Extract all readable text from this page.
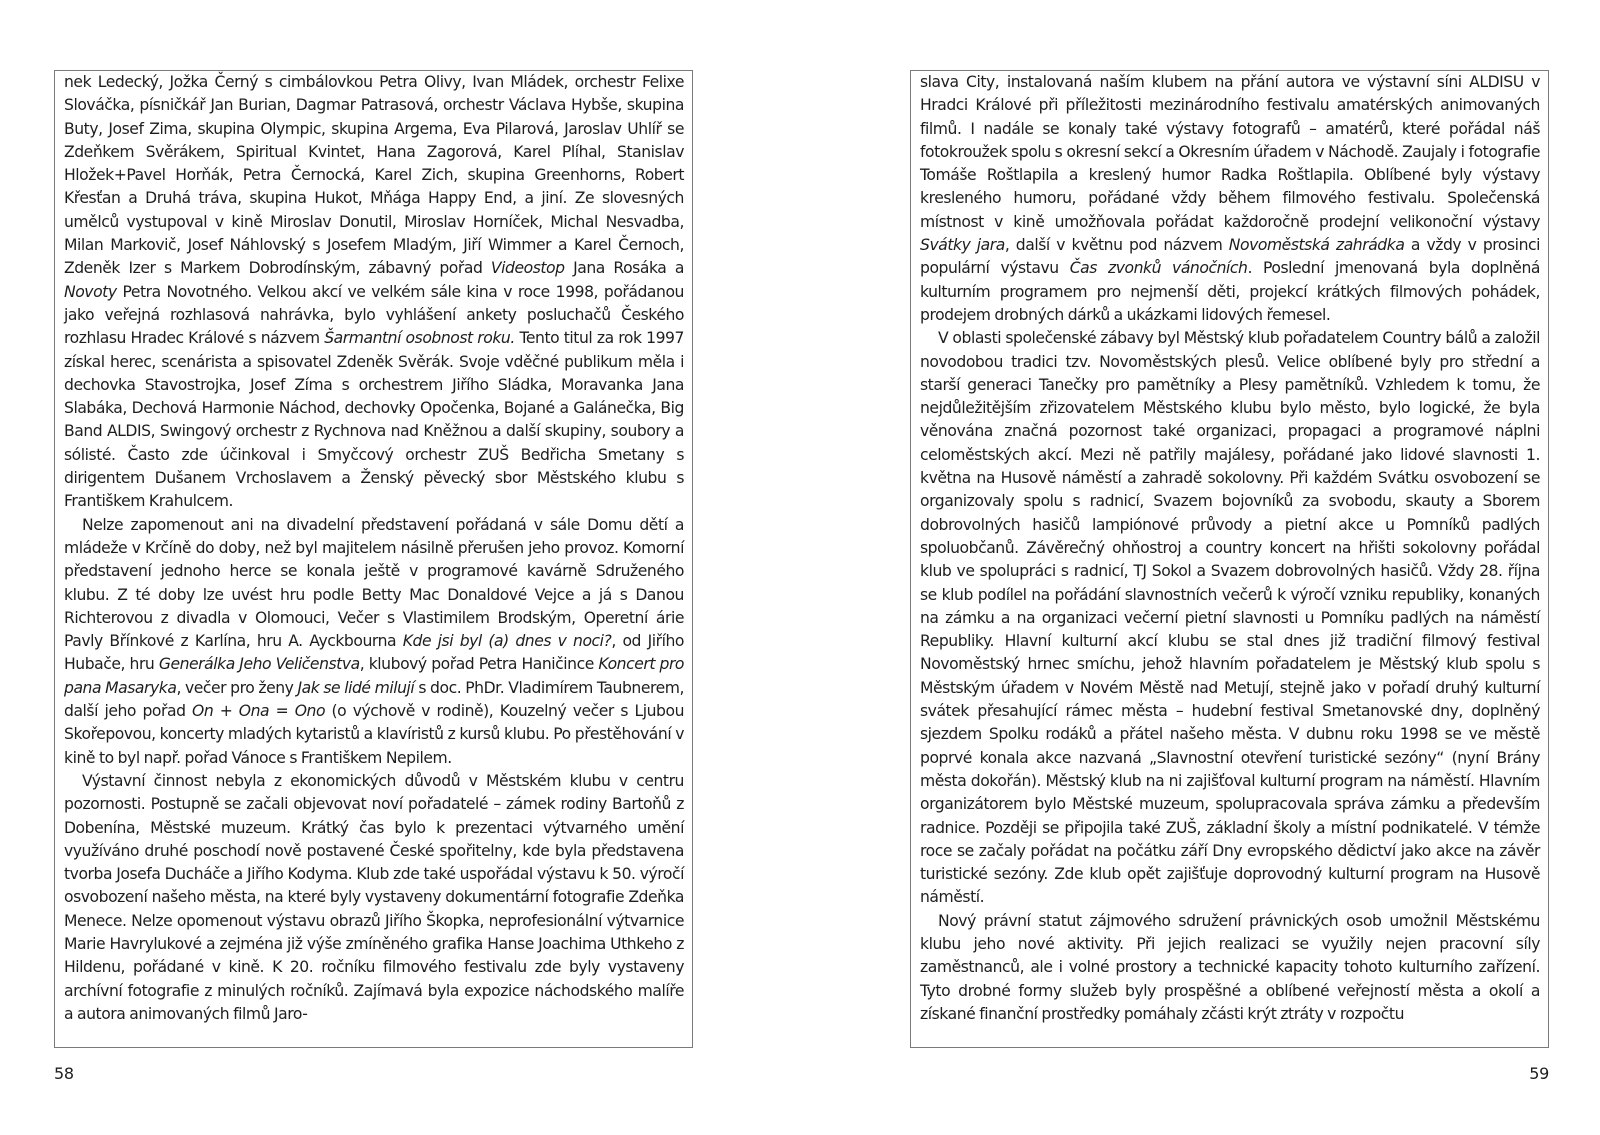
nek Ledecký, Jožka Černý s cimbálovkou Petra Olivy, Ivan Mládek, orchestr Felixe Slováčka, písničkář Jan Burian, Dagmar Patrasová, orchestr Václava Hybše, skupina Buty, Josef Zima, skupina Olympic, skupina Argema, Eva Pilarová, Jaroslav Uhlíř se Zdeňkem Svěrákem, Spiritual Kvintet, Hana Zagorová, Karel Plíhal, Stanislav Hložek+Pavel Horňák, Petra Černocká, Karel Zich, skupina Greenhorns, Robert Křesťan a Druhá tráva, skupina Hukot, Mňága Happy End, a jiní. Ze slovesných umělců vystupoval v kině Miroslav Donutil, Miroslav Horníček, Michal Nesvadba, Milan Markovič, Josef Náhlovský s Josefem Mladým, Jiří Wimmer a Karel Černoch, Zdeněk Izer s Markem Dobrodínským, zábavný pořad Videostop Jana Rosáka a Novoty Petra Novotného. Velkou akcí ve velkém sále kina v roce 1998, pořádanou jako veřejná rozhlasová nahrávka, bylo vyhlášení ankety posluchačů Českého rozhlasu Hradec Králové s názvem Šarmantní osobnost roku. Tento titul za rok 1997 získal herec, scenárista a spisovatel Zdeněk Svěrák. Svoje vděčné publikum měla i dechovka Stavostrojka, Josef Zíma s orchestrem Jiřího Sládka, Moravanka Jana Slabáka, Dechová Harmonie Náchod, dechovky Opočenka, Bojané a Galánečka, Big Band ALDIS, Swingový orchestr z Rychnova nad Kněžnou a další skupiny, soubory a sólisté. Často zde účinkoval i Smyčcový orchestr ZUŠ Bedřicha Smetany s dirigentem Dušanem Vrchoslavem a Ženský pěvecký sbor Městského klubu s Františkem Krahulcem.

Nelze zapomenout ani na divadelní představení pořádaná v sále Domu dětí a mládeže v Krčíně do doby, než byl majitelem násilně přerušen jeho provoz. Komorní představení jednoho herce se konala ještě v programové kavárně Sdruženého klubu. Z té doby lze uvést hru podle Betty Mac Donaldové Vejce a já s Danou Richterovou z divadla v Olomouci, Večer s Vlastimilem Brodským, Operetní árie Pavly Břínkové z Karlína, hru A. Ayckbourna Kde jsi byl (a) dnes v noci?, od Jiřího Hubače, hru Generálka Jeho Veličenstva, klubový pořad Petra Haničince Koncert pro pana Masaryka, večer pro ženy Jak se lidé milují s doc. PhDr. Vladimírem Taubnerem, další jeho pořad On + Ona = Ono (o výchově v rodině), Kouzelný večer s Ljubou Skořepovou, koncerty mladých kytaristů a klavíristů z kursů klubu. Po přestěhování v kině to byl např. pořad Vánoce s Františkem Nepilem.

Výstavní činnost nebyla z ekonomických důvodů v Městském klubu v centru pozornosti. Postupně se začali objevovat noví pořadatelé – zámek rodiny Bartoňů z Dobenína, Městské muzeum. Krátký čas bylo k prezentaci výtvarného umění využíváno druhé poschodí nově postavené České spořitelny, kde byla představena tvorba Josefa Ducháče a Jiřího Kodyma. Klub zde také uspořádal výstavu k 50. výročí osvobození našeho města, na které byly vystaveny dokumentární fotografie Zdeňka Menece. Nelze opomenout výstavu obrazů Jiřího Škopka, neprofesionální výtvarnice Marie Havrylukové a zejména již výše zmíněného grafika Hanse Joachima Uthkeho z Hildenu, pořádané v kině. K 20. ročníku filmového festivalu zde byly vystaveny archívní fotografie z minulých ročníků. Zajímavá byla expozice náchodského malíře a autora animovaných filmů Jaro-

58

slava City, instalovaná naším klubem na přání autora ve výstavní síni ALDISU v Hradci Králové při příležitosti mezinárodního festivalu amatérských animovaných filmů. I nadále se konaly také výstavy fotografů – amatérů, které pořádal náš fotokroužek spolu s okresní sekcí a Okresním úřadem v Náchodě. Zaujaly i fotografie Tomáše Roštlapila a kreslený humor Radka Roštlapila. Oblíbené byly výstavy kresleného humoru, pořádané vždy během filmového festivalu. Společenská místnost v kině umožňovala pořádat každoročně prodejní velikonoční výstavy Svátky jara, další v květnu pod názvem Novoměstská zahrádka a vždy v prosinci populární výstavu Čas zvonků vánočních. Poslední jmenovaná byla doplněná kulturním programem pro nejmenší děti, projekcí krátkých filmových pohádek, prodejem drobných dárků a ukázkami lidových řemesel.

V oblasti společenské zábavy byl Městský klub pořadatelem Country bálů a založil novodobou tradici tzv. Novoměstských plesů. Velice oblíbené byly pro střední a starší generaci Tanečky pro pamětníky a Plesy pamětníků. Vzhledem k tomu, že nejdůležitějším zřizovatelem Městského klubu bylo město, bylo logické, že byla věnována značná pozornost také organizaci, propagaci a programové náplni celoměstských akcí. Mezi ně patřily majálesy, pořádané jako lidové slavnosti 1. května na Husově náměstí a zahradě sokolovny. Při každém Svátku osvobození se organizovaly spolu s radnicí, Svazem bojovníků za svobodu, skauty a Sborem dobrovolných hasičů lampiónové průvody a pietní akce u Pomníků padlých spoluobčanů. Závěrečný ohňostroj a country koncert na hřišti sokolovny pořádal klub ve spolupráci s radnicí, TJ Sokol a Svazem dobrovolných hasičů. Vždy 28. října se klub podílel na pořádání slavnostních večerů k výročí vzniku republiky, konaných na zámku a na organizaci večerní pietní slavnosti u Pomníku padlých na náměstí Republiky. Hlavní kulturní akcí klubu se stal dnes již tradiční filmový festival Novoměstský hrnec smíchu, jehož hlavním pořadatelem je Městský klub spolu s Městským úřadem v Novém Městě nad Metují, stejně jako v pořadí druhý kulturní svátek přesahující rámec města – hudební festival Smetanovské dny, doplněný sjezdem Spolku rodáků a přátel našeho města. V dubnu roku 1998 se ve městě poprvé konala akce nazvaná „Slavnostní otevření turistické sezóny“ (nyní Brány města dokořán). Městský klub na ni zajišťoval kulturní program na náměstí. Hlavním organizátorem bylo Městské muzeum, spolupracovala správa zámku a především radnice. Později se připojila také ZUŠ, základní školy a místní podnikatelé. V témže roce se začaly pořádat na počátku září Dny evropského dědictví jako akce na závěr turistické sezóny. Zde klub opět zajišťuje doprovodný kulturní program na Husově náměstí.

Nový právní statut zájmového sdružení právnických osob umožnil Městskému klubu jeho nové aktivity. Při jejich realizaci se využily nejen pracovní síly zaměstnanců, ale i volné prostory a technické kapacity tohoto kulturního zařízení. Tyto drobné formy služeb byly prospěšné a oblíbené veřejností města a okolí a získané finanční prostředky pomáhaly zčásti krýt ztráty v rozpočtu

59
